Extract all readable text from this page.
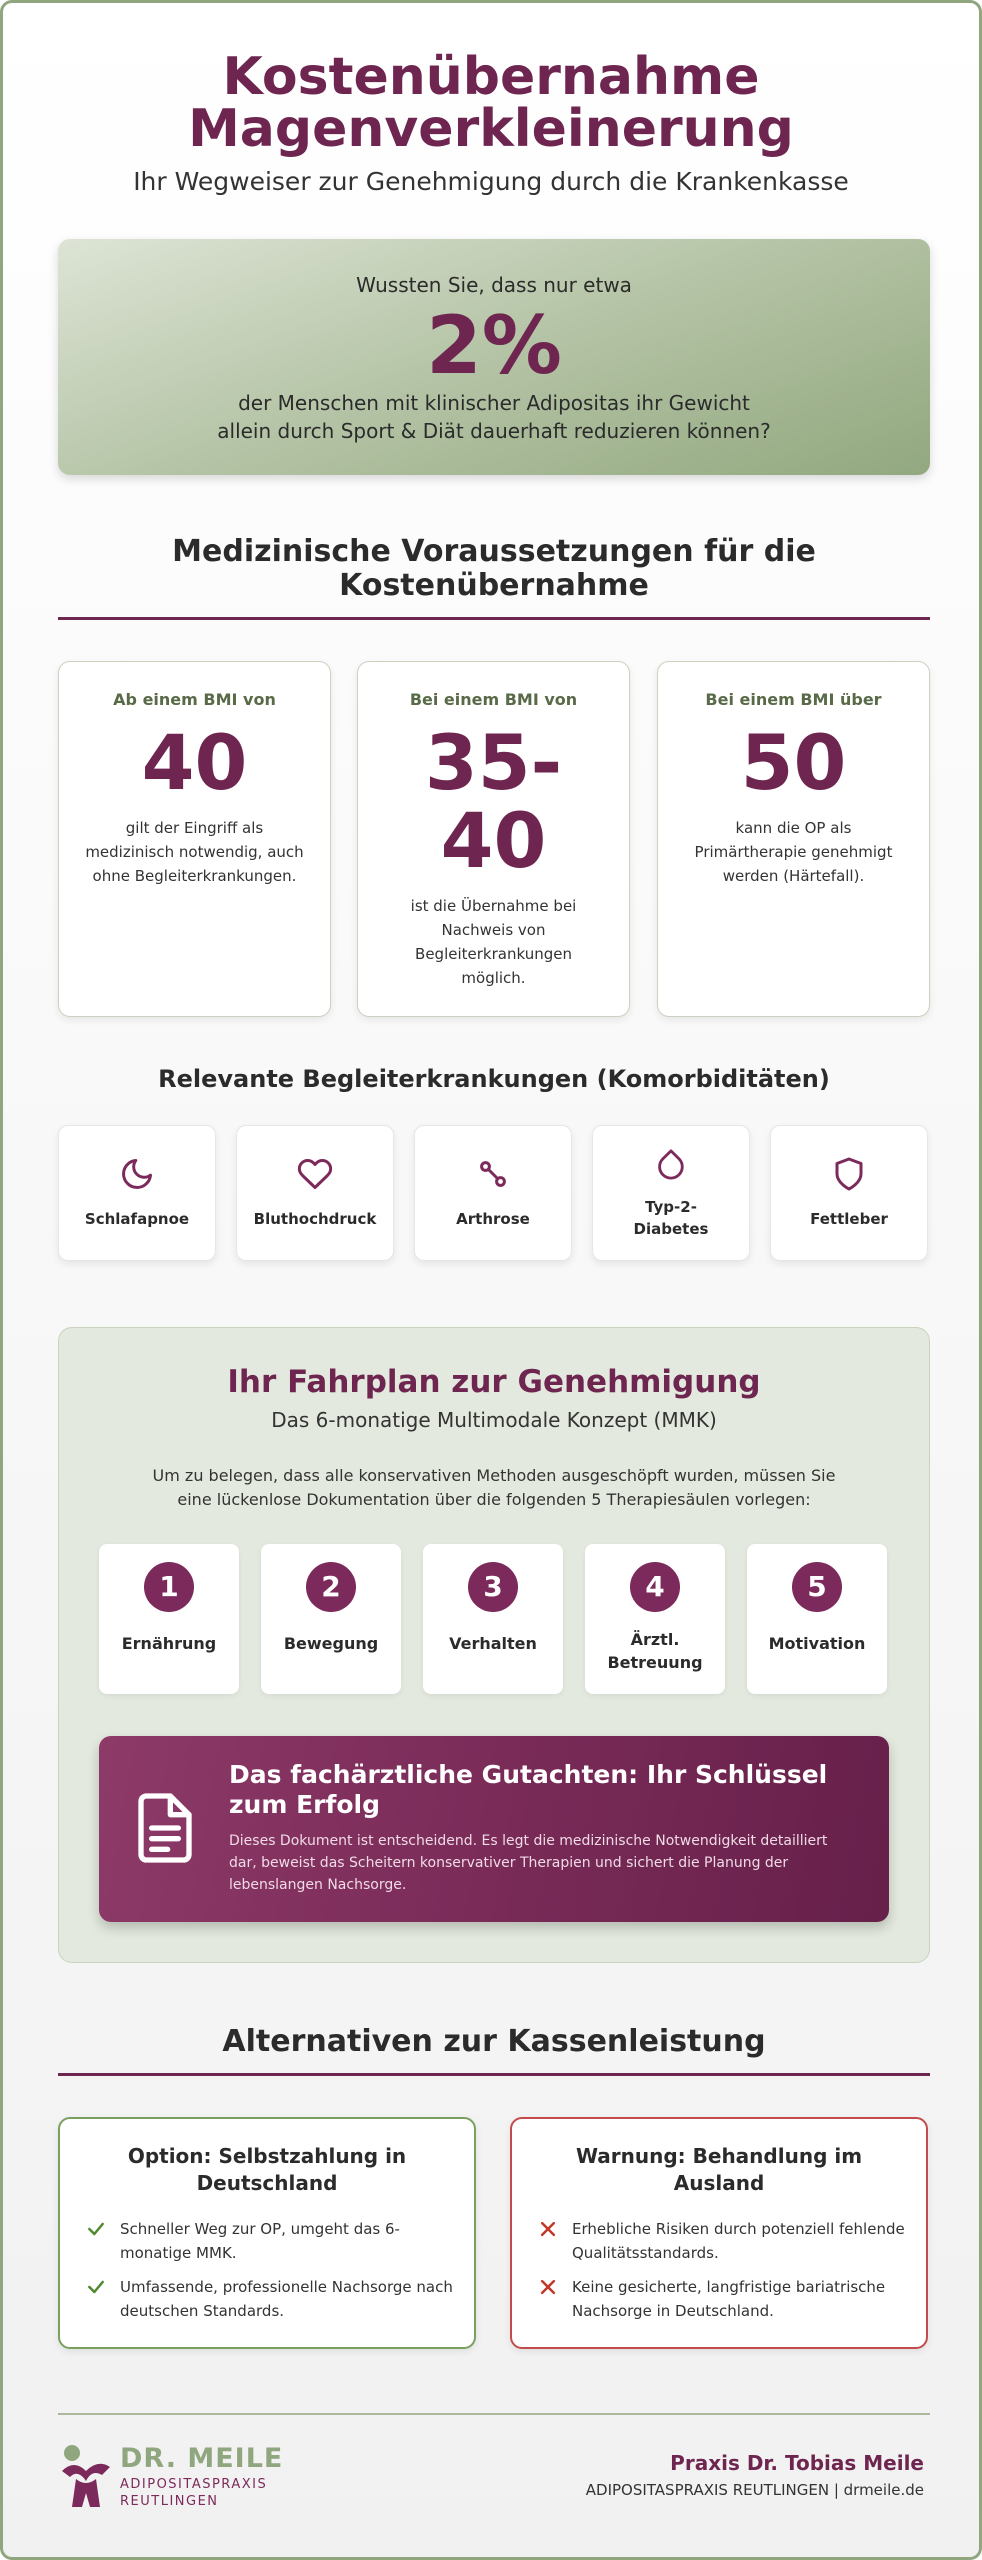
Kostenübernahme
Magenverkleinerung
Ihr Wegweiser zur Genehmigung durch die Krankenkasse
Wussten Sie, dass nur etwa
2%
der Menschen mit klinischer Adipositas ihr Gewicht
allein durch Sport & Diät dauerhaft reduzieren können?
Medizinische Voraussetzungen für die
Kostenübernahme
Ab einem BMI von
40
gilt der Eingriff als
medizinisch notwendig, auch
ohne Begleiterkrankungen.
Bei einem BMI von
35-
40
ist die Übernahme bei
Nachweis von
Begleiterkrankungen
möglich.
Bei einem BMI über
50
kann die OP als
Primärtherapie genehmigt
werden (Härtefall).
Relevante Begleiterkrankungen (Komorbiditäten)
Schlafapnoe	Bluthochdruck	Arthrose
Typ-2-
Diabetes
Fettleber
Ihr Fahrplan zur Genehmigung
Das 6-monatige Multimodale Konzept (MMK)
Um zu belegen, dass alle konservativen Methoden ausgeschöpft wurden, müssen Sie
eine lückenlose Dokumentation über die folgenden 5 Therapiesäulen vorlegen:
1
Ernährung
2
Bewegung
3
Verhalten
4
Ärztl.
Betreuung
5
Motivation
Das fachärztliche Gutachten: Ihr Schlüssel
zum Erfolg
Dieses Dokument ist entscheidend. Es legt die medizinische Notwendigkeit detailliert
dar, beweist das Scheitern konservativer Therapien und sichert die Planung der
lebenslangen Nachsorge.
Alternativen zur Kassenleistung
Option: Selbstzahlung in
Deutschland
Schneller Weg zur OP, umgeht das 6-
monatige MMK.
Umfassende, professionelle Nachsorge nach
deutschen Standards.
Warnung: Behandlung im
Ausland
Erhebliche Risiken durch potenziell fehlende
Qualitätsstandards.
Keine gesicherte, langfristige bariatrische
Nachsorge in Deutschland.
DR. MEILE
ADIPOSITASPRAXIS
REUTLINGEN
Praxis Dr. Tobias Meile
ADIPOSITASPRAXIS REUTLINGEN | drmeile.de
